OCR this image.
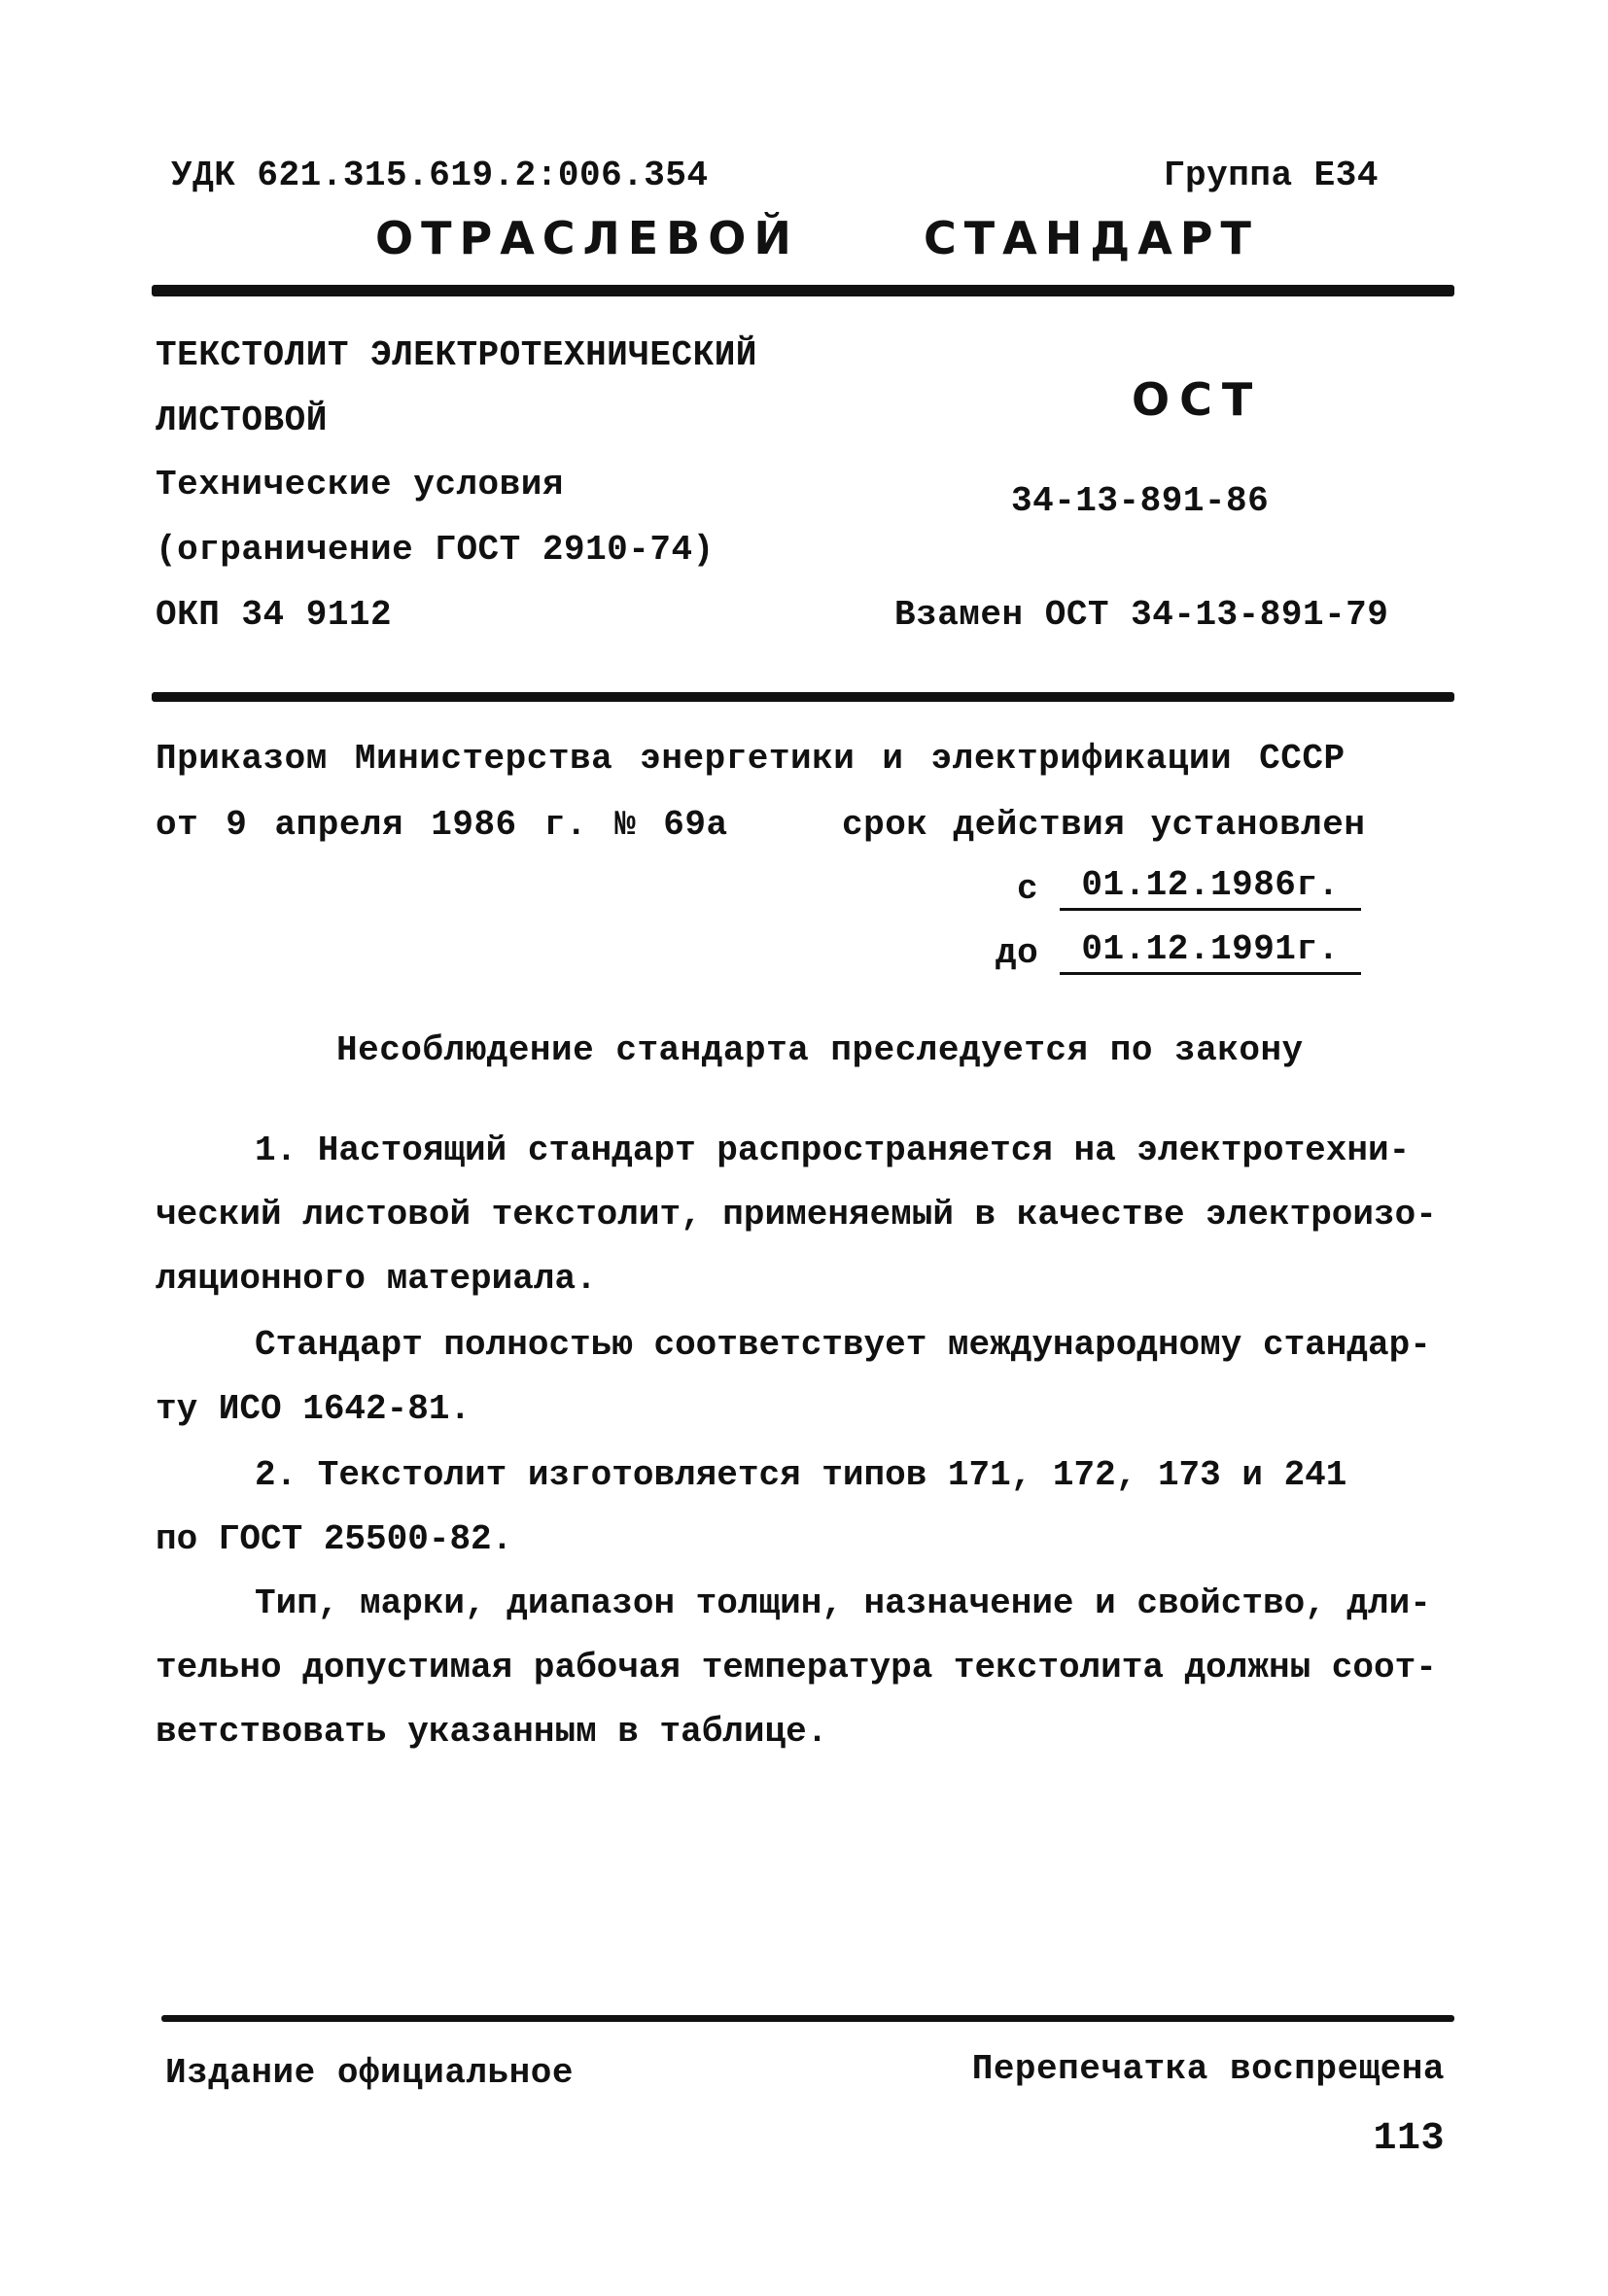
УДК 621.315.619.2:006.354	Группа Е34
ОТРАСЛЕВОЙ	СТАНДАРТ
ТЕКСТОЛИТ ЭЛЕКТРОТЕХНИЧЕСКИЙ
ЛИСТОВОЙ
Технические условия
(ограничение ГОСТ 2910-74)
ОКП 34 9112
ОСТ
34-13-891-86
Взамен ОСТ 34-13-891-79
Приказом Министерства энергетики и электрификации СССР
от 9 апреля 1986 г. № 69а	срок действия установлен
с	01.12.1986г.
до	01.12.1991г.
Несоблюдение стандарта преследуется по закону
1. Настоящий стандарт распространяется на электротехни-
ческий листовой текстолит, применяемый в качестве электроизо-
ляционного материала.
Стандарт полностью соответствует международному стандар-
ту ИСО 1642-81.
2. Текстолит изготовляется типов 171, 172, 173 и 241
по ГОСТ 25500-82.
Тип, марки, диапазон толщин, назначение и свойство, дли-
тельно допустимая рабочая температура текстолита должны соот-
ветствовать указанным в таблице.
Издание официальное	Перепечатка воспрещена
113
